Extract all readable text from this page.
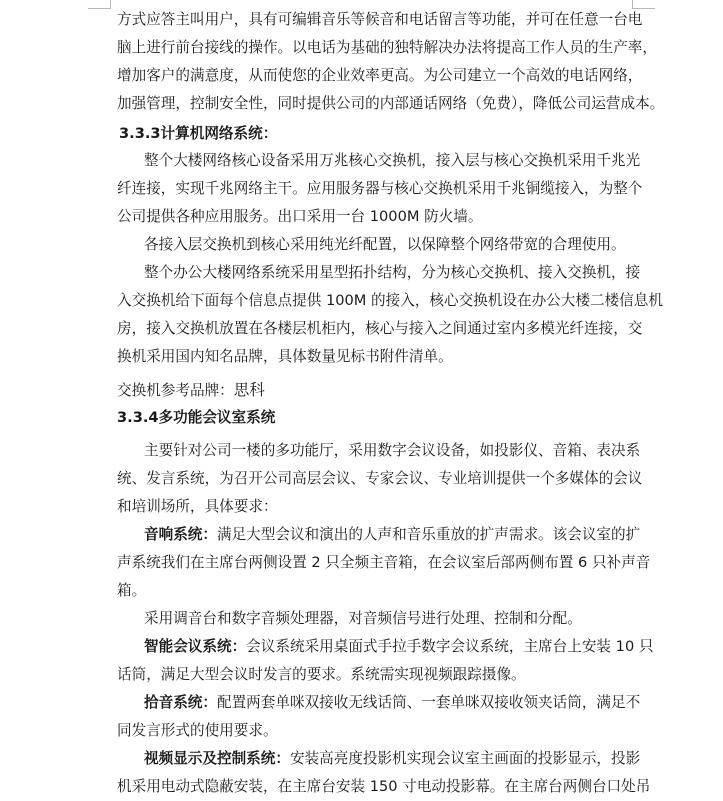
方式应答主叫用户，具有可编辑音乐等候音和电话留言等功能，并可在任意一台电
脑上进行前台接线的操作。以电话为基础的独特解决办法将提高工作人员的生产率，
增加客户的满意度，从而使您的企业效率更高。为公司建立一个高效的电话网络，
加强管理，控制安全性，同时提供公司的内部通话网络（免费），降低公司运营成本。
3.3.3计算机网络系统：
整个大楼网络核心设备采用万兆核心交换机，接入层与核心交换机采用千兆光
纤连接，实现千兆网络主干。应用服务器与核心交换机采用千兆铜缆接入，为整个
公司提供各种应用服务。出口采用一台 1000M 防火墙。
各接入层交换机到核心采用纯光纤配置，以保障整个网络带宽的合理使用。
整个办公大楼网络系统采用星型拓扑结构，分为核心交换机、接入交换机，接
入交换机给下面每个信息点提供 100M 的接入，核心交换机设在办公大楼二楼信息机
房，接入交换机放置在各楼层机柜内，核心与接入之间通过室内多模光纤连接，交
换机采用国内知名品牌，具体数量见标书附件清单。
交换机参考品牌：思科
3.3.4多功能会议室系统
主要针对公司一楼的多功能厅，采用数字会议设备，如投影仪、音箱、表决系
统、发言系统，为召开公司高层会议、专家会议、专业培训提供一个多媒体的会议
和培训场所，具体要求：
音响系统：满足大型会议和演出的人声和音乐重放的扩声需求。该会议室的扩
声系统我们在主席台两侧设置 2 只全频主音箱，在会议室后部两侧布置 6 只补声音
箱。
采用调音台和数字音频处理器，对音频信号进行处理、控制和分配。
智能会议系统：会议系统采用桌面式手拉手数字会议系统，主席台上安装 10 只
话筒，满足大型会议时发言的要求。系统需实现视频跟踪摄像。
拾音系统：配置两套单咪双接收无线话筒、一套单咪双接收领夹话筒，满足不
同发言形式的使用要求。
视频显示及控制系统：安装高亮度投影机实现会议室主画面的投影显示，投影
机采用电动式隐蔽安装，在主席台安装 150 寸电动投影幕。在主席台两侧台口处吊
